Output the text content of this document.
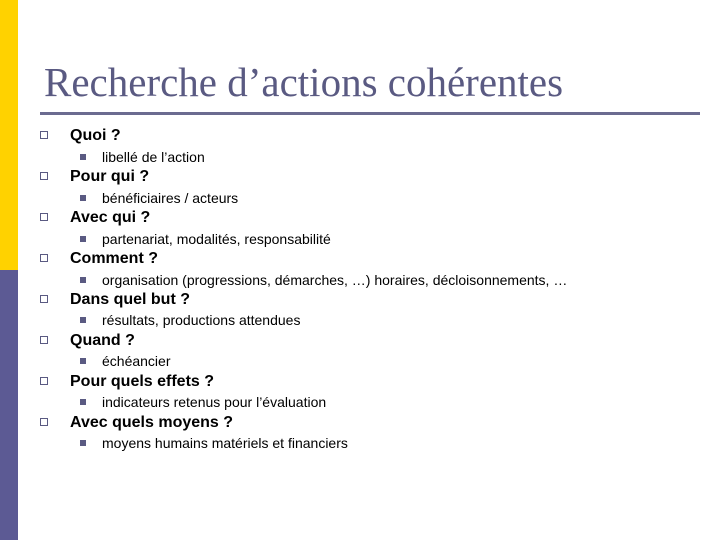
Recherche d’actions cohérentes
Quoi ?
libellé de l’action
Pour qui ?
bénéficiaires / acteurs
Avec qui ?
partenariat, modalités, responsabilité
Comment ?
organisation (progressions, démarches, …) horaires, décloisonnements, …
Dans quel but ?
résultats, productions attendues
Quand ?
échéancier
Pour quels effets ?
indicateurs retenus pour l’évaluation
Avec quels moyens ?
moyens humains matériels et financiers
